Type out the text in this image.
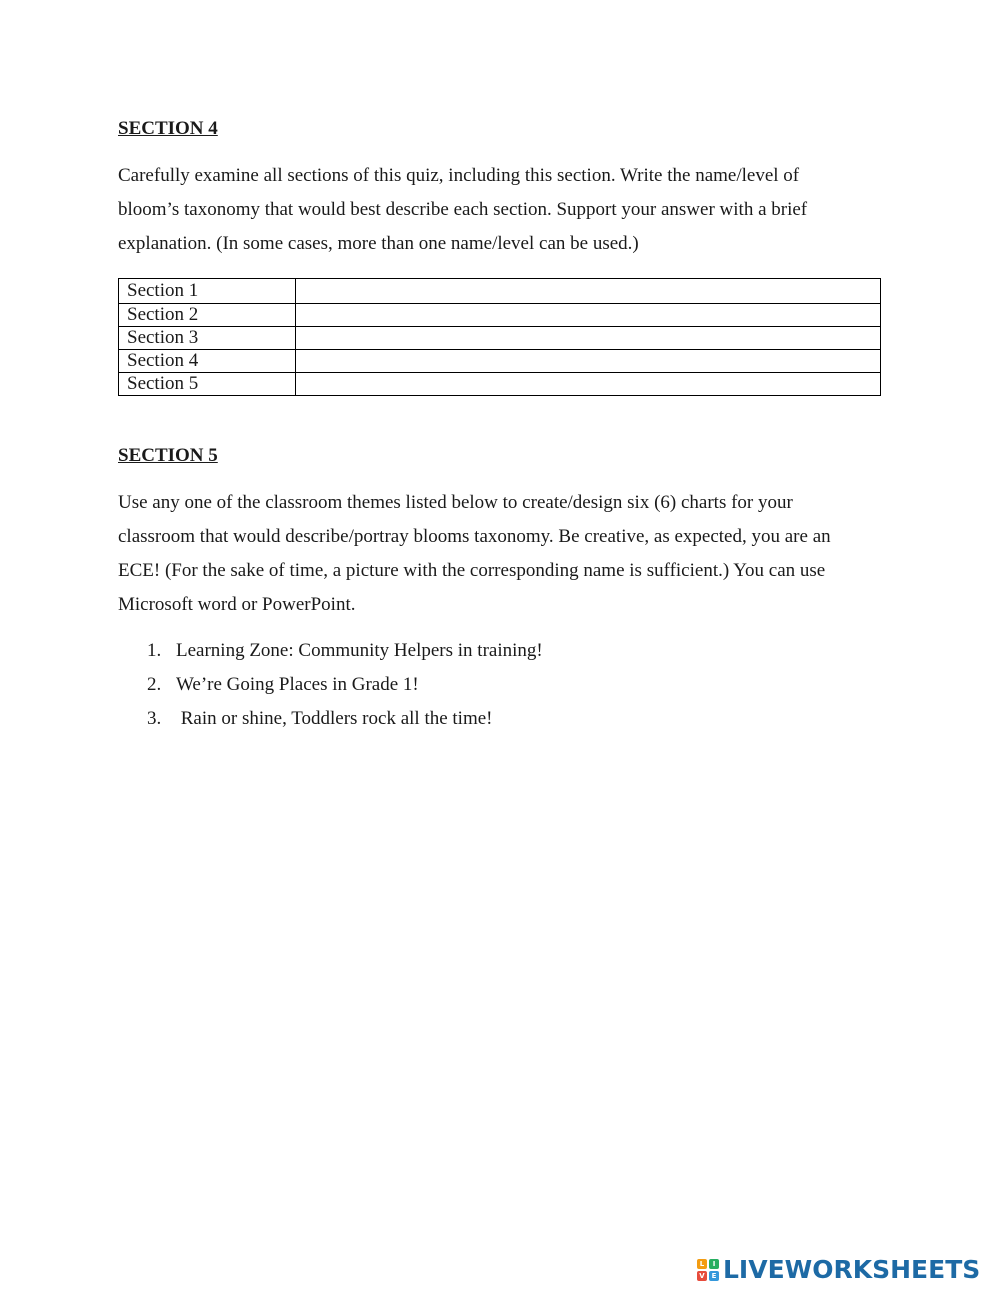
SECTION 4
Carefully examine all sections of this quiz, including this section. Write the name/level of
bloom’s taxonomy that would best describe each section. Support your answer with a brief
explanation. (In some cases, more than one name/level can be used.)
Section 1	
Section 2	
Section 3	
Section 4	
Section 5	
SECTION 5
Use any one of the classroom themes listed below to create/design six (6) charts for your
classroom that would describe/portray blooms taxonomy. Be creative, as expected, you are an
ECE! (For the sake of time, a picture with the corresponding name is sufficient.) You can use
Microsoft word or PowerPoint.
1. Learning Zone: Community Helpers in training!
2. We’re Going Places in Grade 1!
3. Rain or shine, Toddlers rock all the time!
L	I
V E LIVEWORKSHEETS
